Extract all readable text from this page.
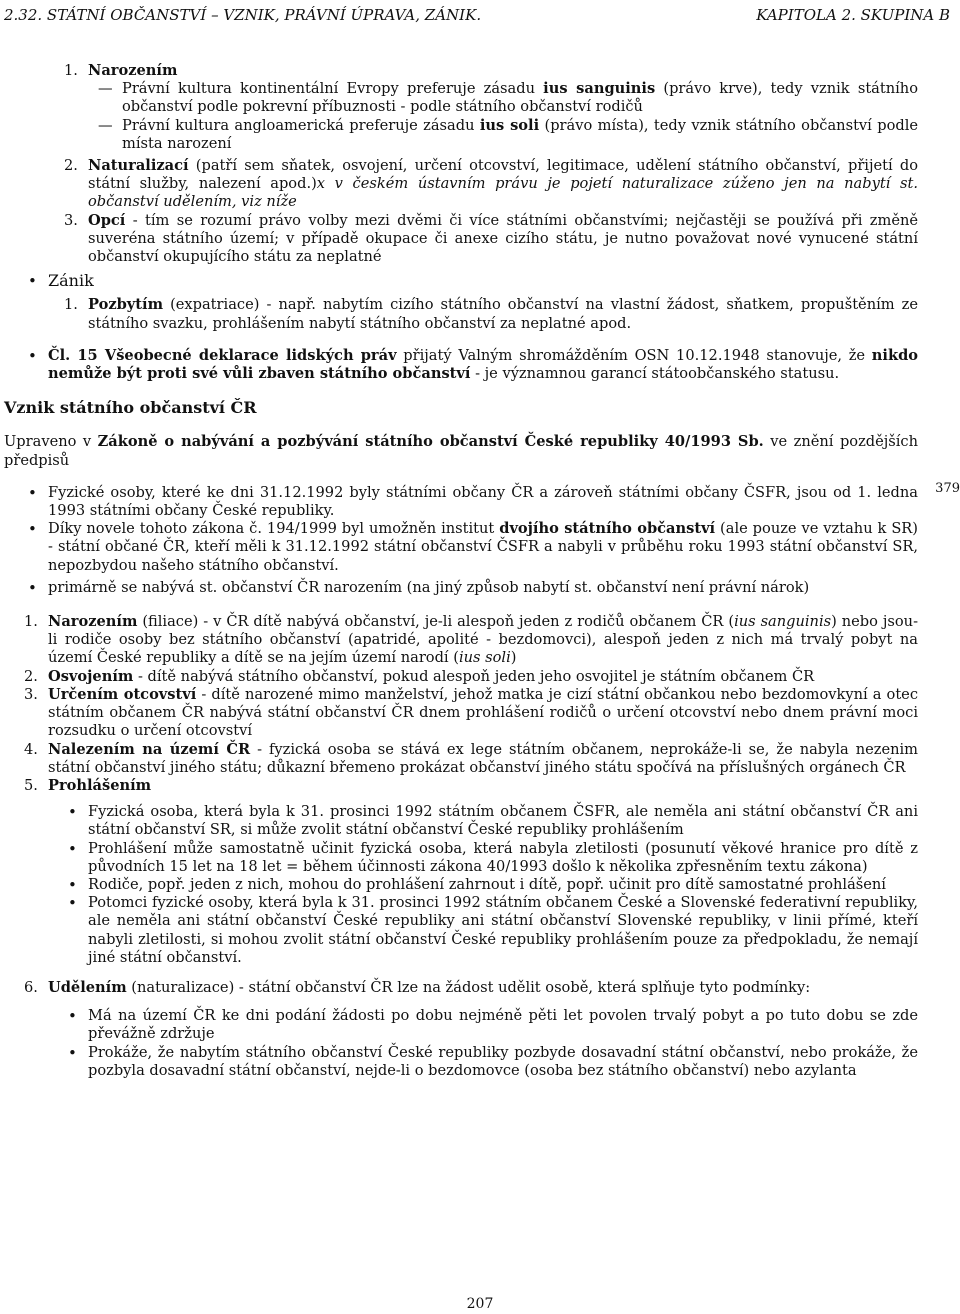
2.32. STÁTNÍ OBČANSTVÍ – VZNIK, PRÁVNÍ ÚPRAVA, ZÁNIK.	KAPITOLA 2. SKUPINA B
379
1. Narozením
— Právní kultura kontinentální Evropy preferuje zásadu ius sanguinis (právo krve), tedy vznik státního občanství podle pokrevní příbuznosti - podle státního občanství rodičů
— Právní kultura angloamerická preferuje zásadu ius soli (právo místa), tedy vznik státního občanství podle místa narození
2. Naturalizací (patří sem sňatek, osvojení, určení otcovství, legitimace, udělení státního občanství, přijetí do státní služby, nalezení apod.)x v českém ústavním právu je pojetí naturalizace zúženo jen na nabytí st. občanství udělením, viz níže
3. Opcí - tím se rozumí právo volby mezi dvěmi či více státními občanstvími; nejčastěji se používá při změně suveréna státního území; v případě okupace či anexe cizího státu, je nutno považovat nové vynucené státní občanství okupujícího státu za neplatné
• Zánik
1. Pozbytím (expatriace) - např. nabytím cizího státního občanství na vlastní žádost, sňatkem, propuštěním ze státního svazku, prohlášením nabytí státního občanství za neplatné apod.
• Čl. 15 Všeobecné deklarace lidských práv přijatý Valným shromážděním OSN 10.12.1948 stanovuje, že nikdo nemůže být proti své vůli zbaven státního občanství - je významnou garancí státoobčanského statusu.
Vznik státního občanství ČR
Upraveno v Zákoně o nabývání a pozbývání státního občanství České republiky 40/1993 Sb. ve znění pozdějších předpisů
• Fyzické osoby, které ke dni 31.12.1992 byly státními občany ČR a zároveň státními občany ČSFR, jsou od 1. ledna 1993 státními občany České republiky.
• Díky novele tohoto zákona č. 194/1999 byl umožněn institut dvojího státního občanství (ale pouze ve vztahu k SR) - státní občané ČR, kteří měli k 31.12.1992 státní občanství ČSFR a nabyli v průběhu roku 1993 státní občanství SR, nepozbydou našeho státního občanství.
• primárně se nabývá st. občanství ČR narozením (na jiný způsob nabytí st. občanství není právní nárok)
1. Narozením (filiace) - v ČR dítě nabývá občanství, je-li alespoň jeden z rodičů občanem ČR (ius sanguinis) nebo jsou-li rodiče osoby bez státního občanství (apatridé, apolité - bezdomovci), alespoň jeden z nich má trvalý pobyt na území České republiky a dítě se na jejím území narodí (ius soli)
2. Osvojením - dítě nabývá státního občanství, pokud alespoň jeden jeho osvojitel je státním občanem ČR
3. Určením otcovství - dítě narozené mimo manželství, jehož matka je cizí státní občankou nebo bezdomovkyní a otec státním občanem ČR nabývá státní občanství ČR dnem prohlášení rodičů o určení otcovství nebo dnem právní moci rozsudku o určení otcovství
4. Nalezením na území ČR - fyzická osoba se stává ex lege státním občanem, neprokáže-li se, že nabyla nezenim státní občanství jiného státu; důkazní břemeno prokázat občanství jiného státu spočívá na příslušných orgánech ČR
5. Prohlášením
• Fyzická osoba, která byla k 31. prosinci 1992 státním občanem ČSFR, ale neměla ani státní občanství ČR ani státní občanství SR, si může zvolit státní občanství České republiky prohlášením
• Prohlášení může samostatně učinit fyzická osoba, která nabyla zletilosti (posunutí věkové hranice pro dítě z původních 15 let na 18 let = během účinnosti zákona 40/1993 došlo k několika zpřesněním textu zákona)
• Rodiče, popř. jeden z nich, mohou do prohlášení zahrnout i dítě, popř. učinit pro dítě samostatné prohlášení
• Potomci fyzické osoby, která byla k 31. prosinci 1992 státním občanem České a Slovenské federativní republiky, ale neměla ani státní občanství České republiky ani státní občanství Slovenské republiky, v linii přímé, kteří nabyli zletilosti, si mohou zvolit státní občanství České republiky prohlášením pouze za předpokladu, že nemají jiné státní občanství.
6. Udělením (naturalizace) - státní občanství ČR lze na žádost udělit osobě, která splňuje tyto podmínky:
• Má na území ČR ke dni podání žádosti po dobu nejméně pěti let povolen trvalý pobyt a po tuto dobu se zde převážně zdržuje
• Prokáže, že nabytím státního občanství České republiky pozbyde dosavadní státní občanství, nebo prokáže, že pozbyla dosavadní státní občanství, nejde-li o bezdomovce (osoba bez státního občanství) nebo azylanta
207
